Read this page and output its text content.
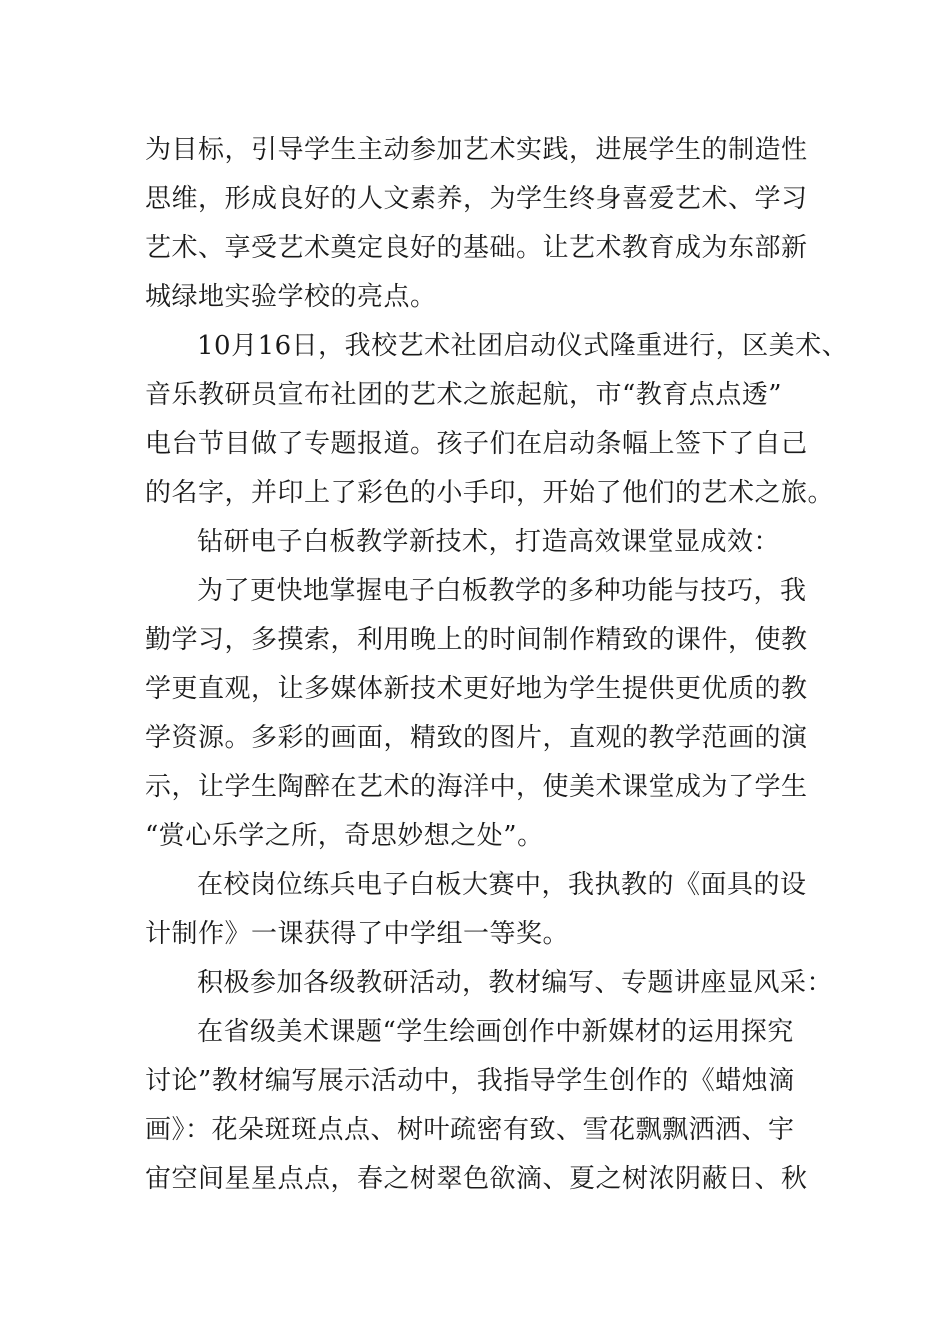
为目标，引导学生主动参加艺术实践，进展学生的制造性
思维，形成良好的人文素养，为学生终身喜爱艺术、学习
艺术、享受艺术奠定良好的基础。让艺术教育成为东部新
城绿地实验学校的亮点。
10月16日，我校艺术社团启动仪式隆重进行，区美术、
音乐教研员宣布社团的艺术之旅起航，市“教育点点透”
电台节目做了专题报道。孩子们在启动条幅上签下了自己
的名字，并印上了彩色的小手印，开始了他们的艺术之旅。
钻研电子白板教学新技术，打造高效课堂显成效：
为了更快地掌握电子白板教学的多种功能与技巧，我
勤学习，多摸索，利用晚上的时间制作精致的课件，使教
学更直观，让多媒体新技术更好地为学生提供更优质的教
学资源。多彩的画面，精致的图片，直观的教学范画的演
示，让学生陶醉在艺术的海洋中，使美术课堂成为了学生
“赏心乐学之所，奇思妙想之处”。
在校岗位练兵电子白板大赛中，我执教的《面具的设
计制作》一课获得了中学组一等奖。
积极参加各级教研活动，教材编写、专题讲座显风采：
在省级美术课题“学生绘画创作中新媒材的运用探究
讨论”教材编写展示活动中，我指导学生创作的《蜡烛滴
画》：花朵斑斑点点、树叶疏密有致、雪花飘飘洒洒、宇
宙空间星星点点，春之树翠色欲滴、夏之树浓阴蔽日、秋
